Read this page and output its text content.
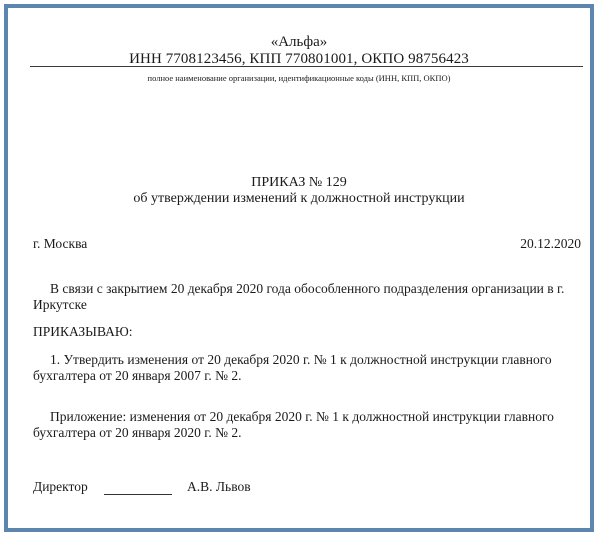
«Альфа»
ИНН 7708123456, КПП 770801001, ОКПО 98756423
полное наименование организации, идентификационные коды (ИНН, КПП, ОКПО)
ПРИКАЗ № 129
об утверждении изменений к должностной инструкции
г. Москва	20.12.2020
В связи с закрытием 20 декабря 2020 года обособленного подразделения организации в г. Иркутске
ПРИКАЗЫВАЮ:
1. Утвердить изменения от 20 декабря 2020 г. № 1 к должностной инструкции главного бухгалтера от 20 января 2007 г. № 2.
Приложение: изменения от 20 декабря 2020 г. № 1 к должностной инструкции главного бухгалтера от 20 января 2020 г. № 2.
Директор	А.В. Львов
